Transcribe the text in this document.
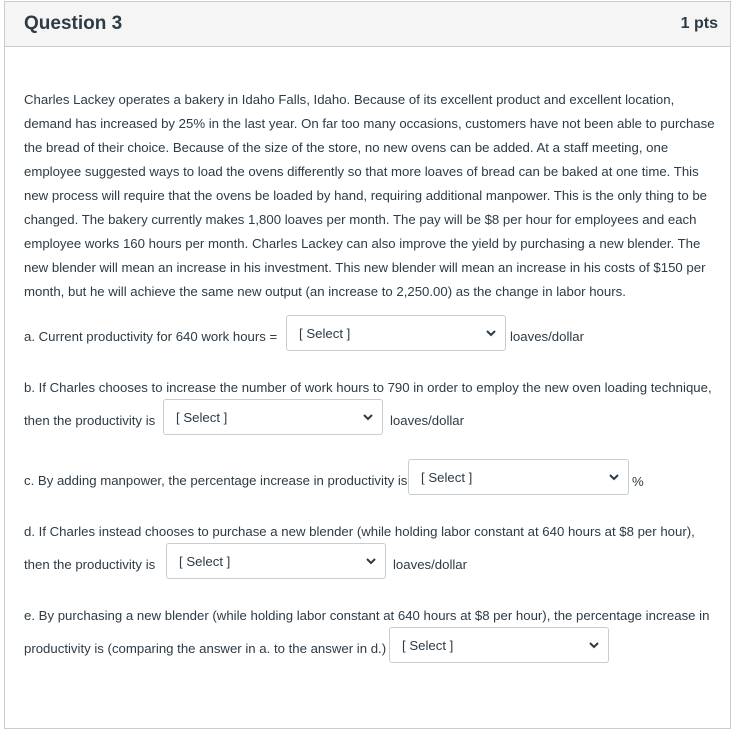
Question 3	1 pts
Charles Lackey operates a bakery in Idaho Falls, Idaho. Because of its excellent product and excellent location, demand has increased by 25% in the last year. On far too many occasions, customers have not been able to purchase the bread of their choice. Because of the size of the store, no new ovens can be added. At a staff meeting, one employee suggested ways to load the ovens differently so that more loaves of bread can be baked at one time. This new process will require that the ovens be loaded by hand, requiring additional manpower. This is the only thing to be changed. The bakery currently makes 1,800 loaves per month. The pay will be $8 per hour for employees and each employee works 160 hours per month. Charles Lackey can also improve the yield by purchasing a new blender. The new blender will mean an increase in his investment. This new blender will mean an increase in his costs of $150 per month, but he will achieve the same new output (an increase to 2,250.00) as the change in labor hours.
a. Current productivity for 640 work hours = [ Select ]	loaves/dollar
b. If Charles chooses to increase the number of work hours to 790 in order to employ the new oven loading technique,
then the productivity is [ Select ]	loaves/dollar
c. By adding manpower, the percentage increase in productivity is [ Select ]	%
d. If Charles instead chooses to purchase a new blender (while holding labor constant at 640 hours at $8 per hour),
then the productivity is [ Select ]	loaves/dollar
e. By purchasing a new blender (while holding labor constant at 640 hours at $8 per hour), the percentage increase in
productivity is (comparing the answer in a. to the answer in d.) [ Select ]
